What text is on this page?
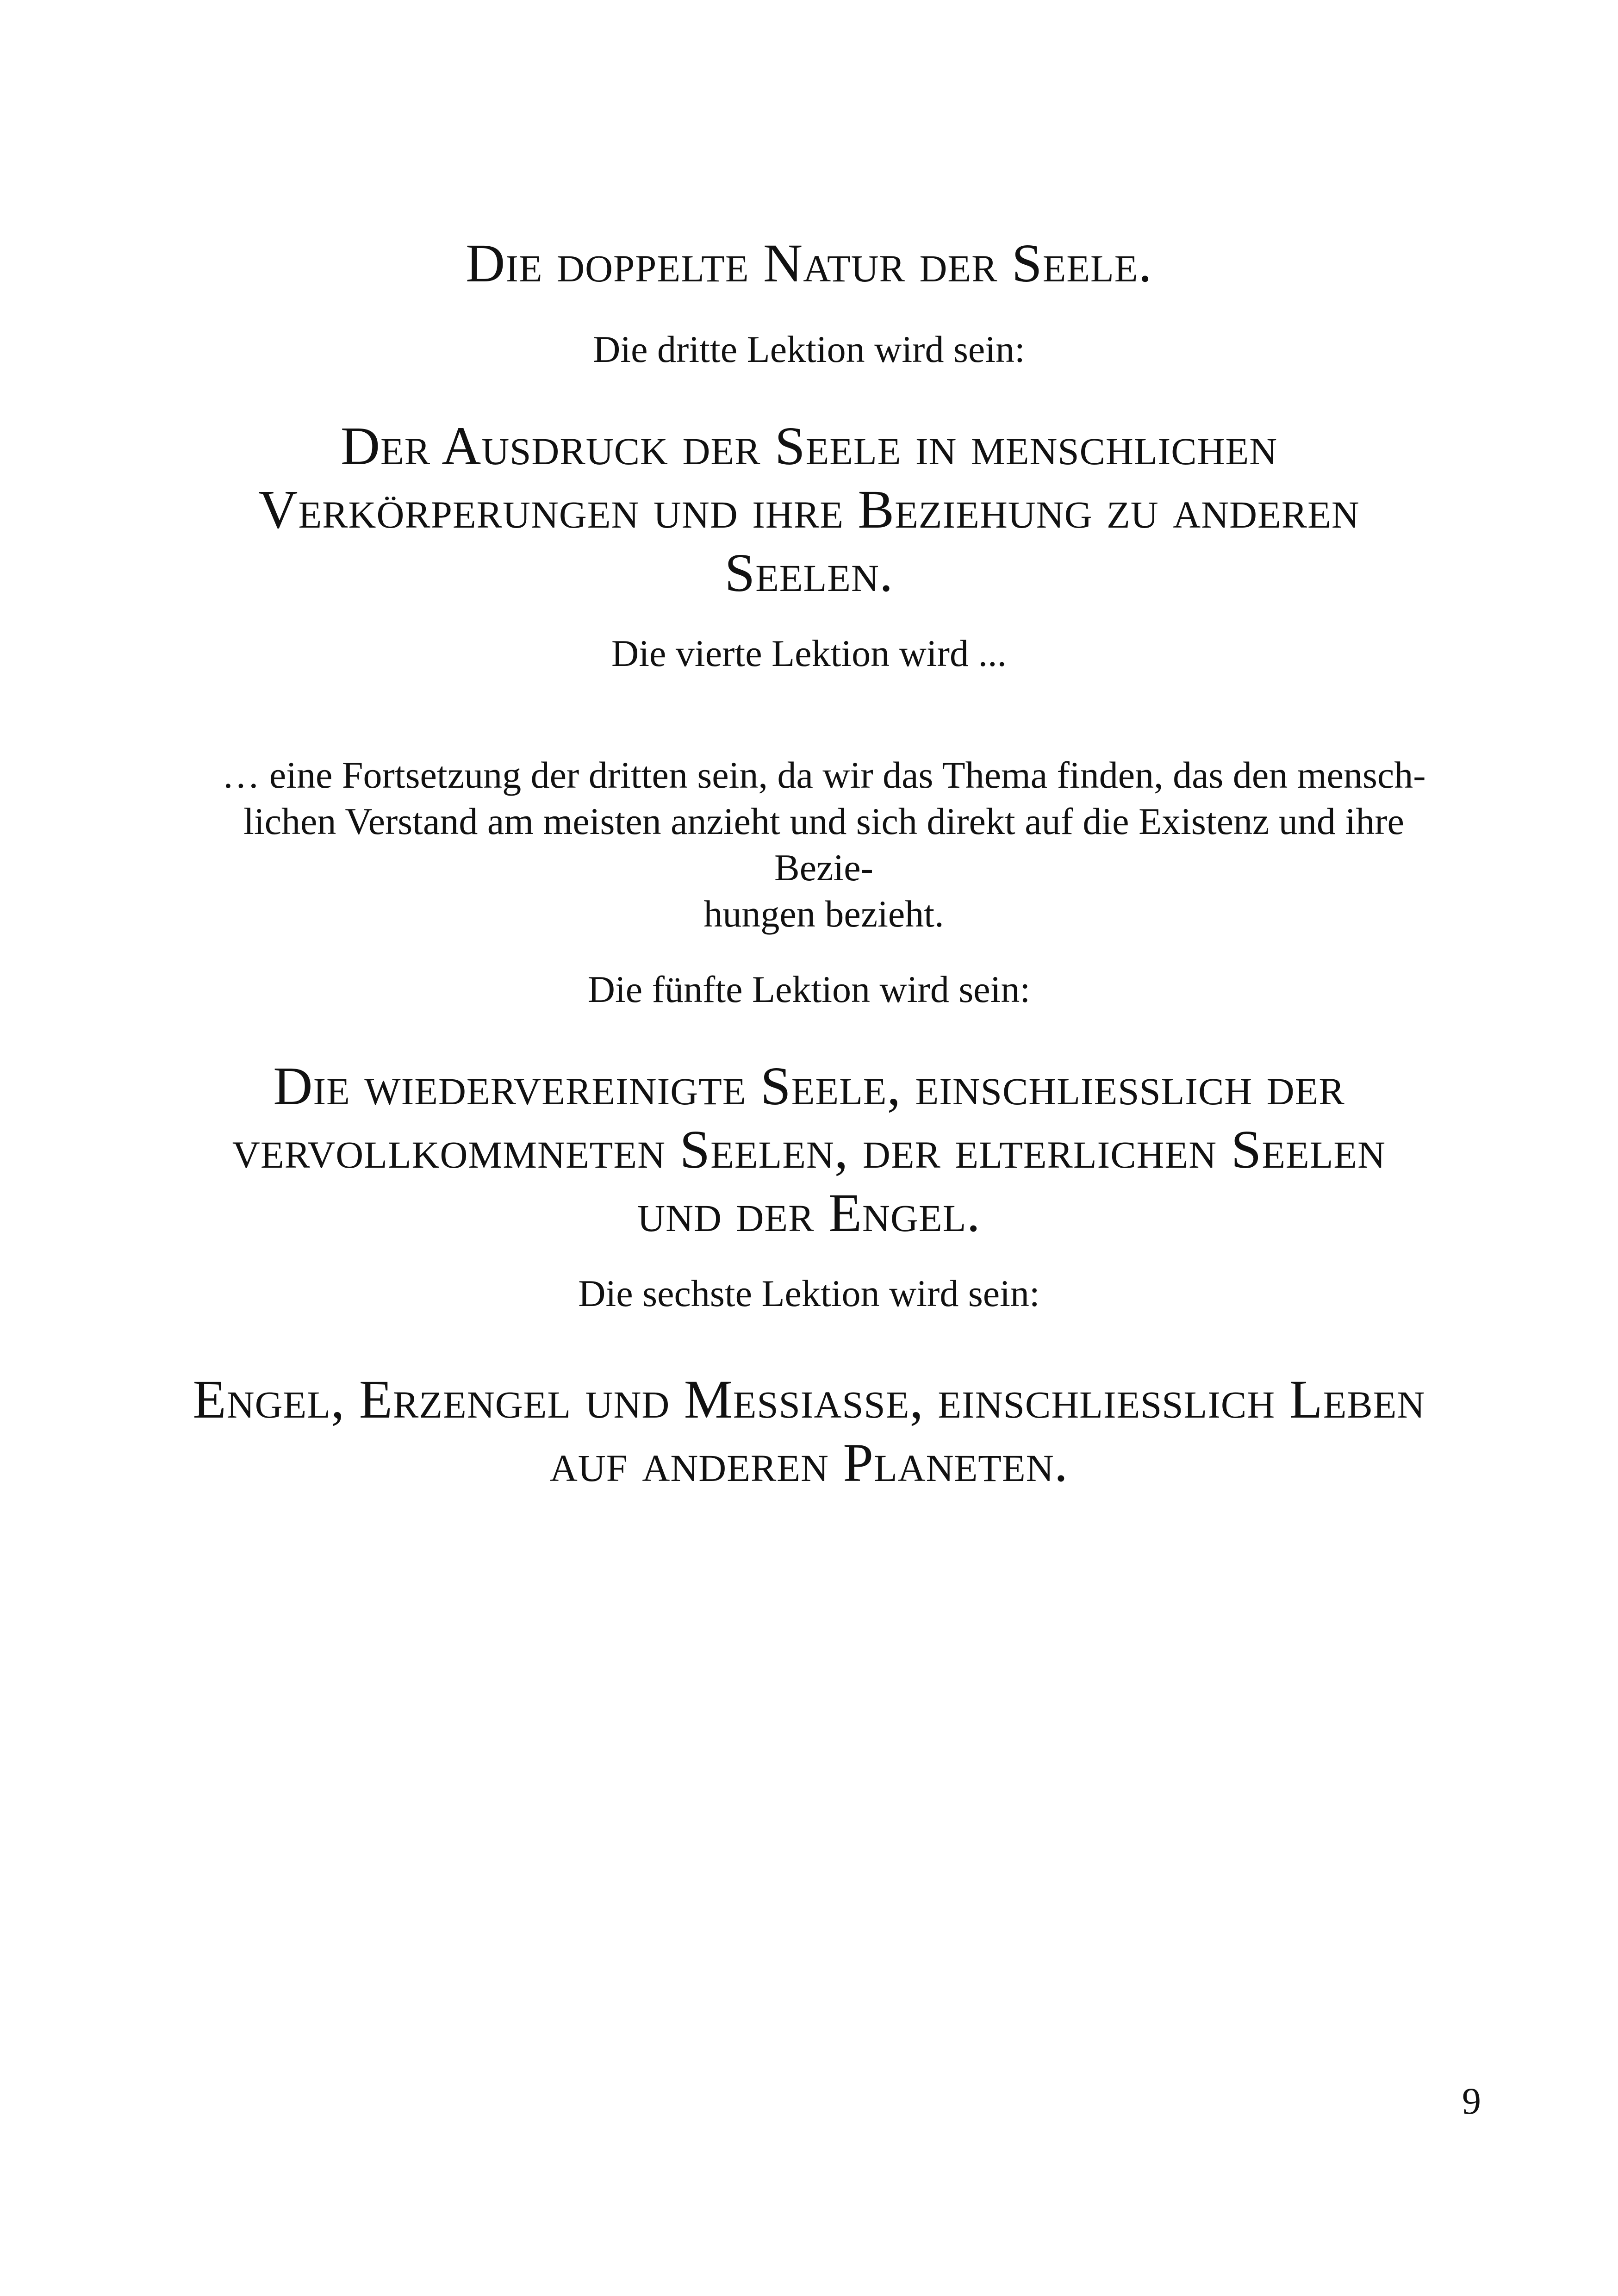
Die doppelte Natur der Seele.
Die dritte Lektion wird sein:
Der Ausdruck der Seele in menschlichen
Verkörperungen und ihre Beziehung zu anderen
Seelen.
Die vierte Lektion wird ...
… eine Fortsetzung der dritten sein, da wir das Thema finden, das den mensch-
lichen Verstand am meisten anzieht und sich direkt auf die Existenz und ihre Bezie-
hungen bezieht.
Die fünfte Lektion wird sein:
Die wiedervereinigte Seele, einschließlich der
vervollkommneten Seelen, der elterlichen Seelen
und der Engel.
Die sechste Lektion wird sein:
Engel, Erzengel und Messiasse, einschließlich Leben
auf anderen Planeten.
9
